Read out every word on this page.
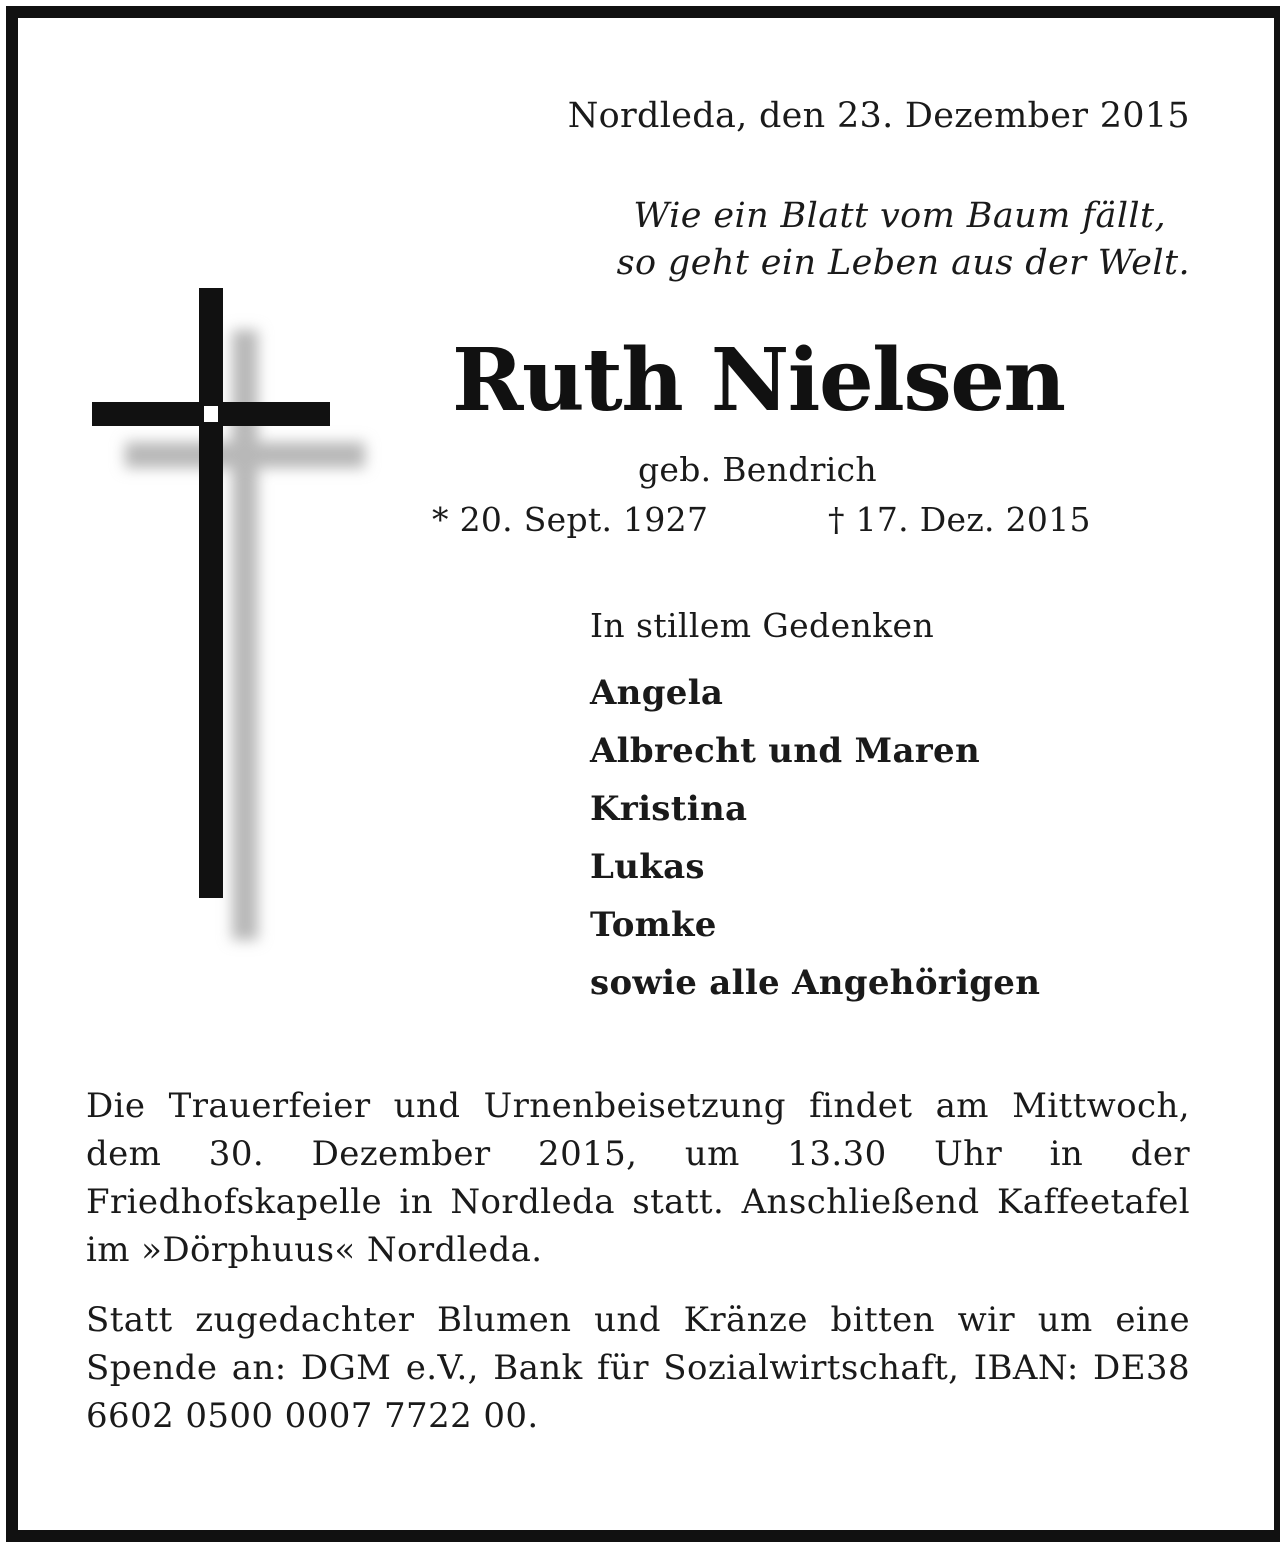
Nordleda, den 23. Dezember 2015
Wie ein Blatt vom Baum fällt,
so geht ein Leben aus der Welt.
Ruth Nielsen
geb. Bendrich
* 20. Sept. 1927	† 17. Dez. 2015
In stillem Gedenken
Angela
Albrecht und Maren
Kristina
Lukas
Tomke
sowie alle Angehörigen

Die Trauerfeier und Urnenbeisetzung findet am Mittwoch, dem 30. Dezember 2015, um 13.30 Uhr in der Friedhofskapelle in Nordleda statt. Anschließend Kaffeetafel im »Dörphuus« Nordleda.

Statt zugedachter Blumen und Kränze bitten wir um eine Spende an: DGM e.V., Bank für Sozialwirtschaft, IBAN: DE38 6602 0500 0007 7722 00.
